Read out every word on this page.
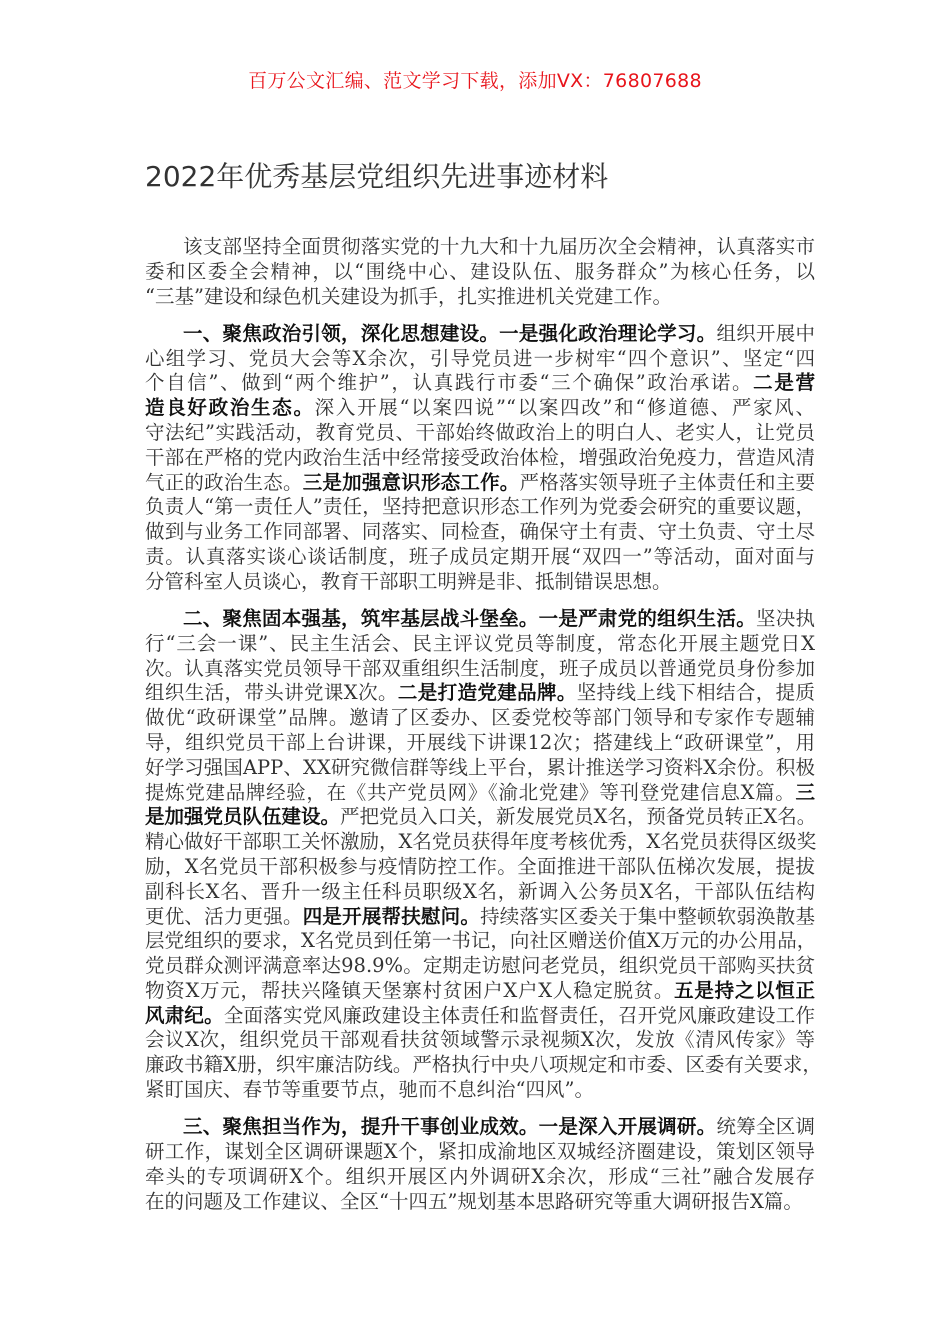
百万公文汇编、范文学习下载，添加VX：76807688
2022年优秀基层党组织先进事迹材料
该支部坚持全面贯彻落实党的十九大和十九届历次全会精神，认真落实市
委和区委全会精神，以“围绕中心、建设队伍、服务群众”为核心任务，以
“三基”建设和绿色机关建设为抓手，扎实推进机关党建工作。
一、聚焦政治引领，深化思想建设。一是强化政治理论学习。组织开展中
心组学习、党员大会等X余次，引导党员进一步树牢“四个意识”、坚定“四
个自信”、做到“两个维护”，认真践行市委“三个确保”政治承诺。二是营
造良好政治生态。深入开展“以案四说”“以案四改”和“修道德、严家风、
守法纪”实践活动，教育党员、干部始终做政治上的明白人、老实人，让党员
干部在严格的党内政治生活中经常接受政治体检，增强政治免疫力，营造风清
气正的政治生态。三是加强意识形态工作。严格落实领导班子主体责任和主要
负责人“第一责任人”责任，坚持把意识形态工作列为党委会研究的重要议题，
做到与业务工作同部署、同落实、同检查，确保守土有责、守土负责、守土尽
责。认真落实谈心谈话制度，班子成员定期开展“双四一”等活动，面对面与
分管科室人员谈心，教育干部职工明辨是非、抵制错误思想。
二、聚焦固本强基，筑牢基层战斗堡垒。一是严肃党的组织生活。坚决执
行“三会一课”、民主生活会、民主评议党员等制度，常态化开展主题党日X
次。认真落实党员领导干部双重组织生活制度，班子成员以普通党员身份参加
组织生活，带头讲党课X次。二是打造党建品牌。坚持线上线下相结合，提质
做优“政研课堂”品牌。邀请了区委办、区委党校等部门领导和专家作专题辅
导，组织党员干部上台讲课，开展线下讲课12次；搭建线上“政研课堂”，用
好学习强国APP、XX研究微信群等线上平台，累计推送学习资料X余份。积极
提炼党建品牌经验，在《共产党员网》《渝北党建》等刊登党建信息X篇。三
是加强党员队伍建设。严把党员入口关，新发展党员X名，预备党员转正X名。
精心做好干部职工关怀激励，X名党员获得年度考核优秀，X名党员获得区级奖
励，X名党员干部积极参与疫情防控工作。全面推进干部队伍梯次发展，提拔
副科长X名、晋升一级主任科员职级X名，新调入公务员X名，干部队伍结构
更优、活力更强。四是开展帮扶慰问。持续落实区委关于集中整顿软弱涣散基
层党组织的要求，X名党员到任第一书记，向社区赠送价值X万元的办公用品，
党员群众测评满意率达98.9%。定期走访慰问老党员，组织党员干部购买扶贫
物资X万元，帮扶兴隆镇天堡寨村贫困户X户X人稳定脱贫。五是持之以恒正
风肃纪。全面落实党风廉政建设主体责任和监督责任，召开党风廉政建设工作
会议X次，组织党员干部观看扶贫领域警示录视频X次，发放《清风传家》等
廉政书籍X册，织牢廉洁防线。严格执行中央八项规定和市委、区委有关要求，
紧盯国庆、春节等重要节点，驰而不息纠治“四风”。
三、聚焦担当作为，提升干事创业成效。一是深入开展调研。统筹全区调
研工作，谋划全区调研课题X个，紧扣成渝地区双城经济圈建设，策划区领导
牵头的专项调研X个。组织开展区内外调研X余次，形成“三社”融合发展存
在的问题及工作建议、全区“十四五”规划基本思路研究等重大调研报告X篇。
